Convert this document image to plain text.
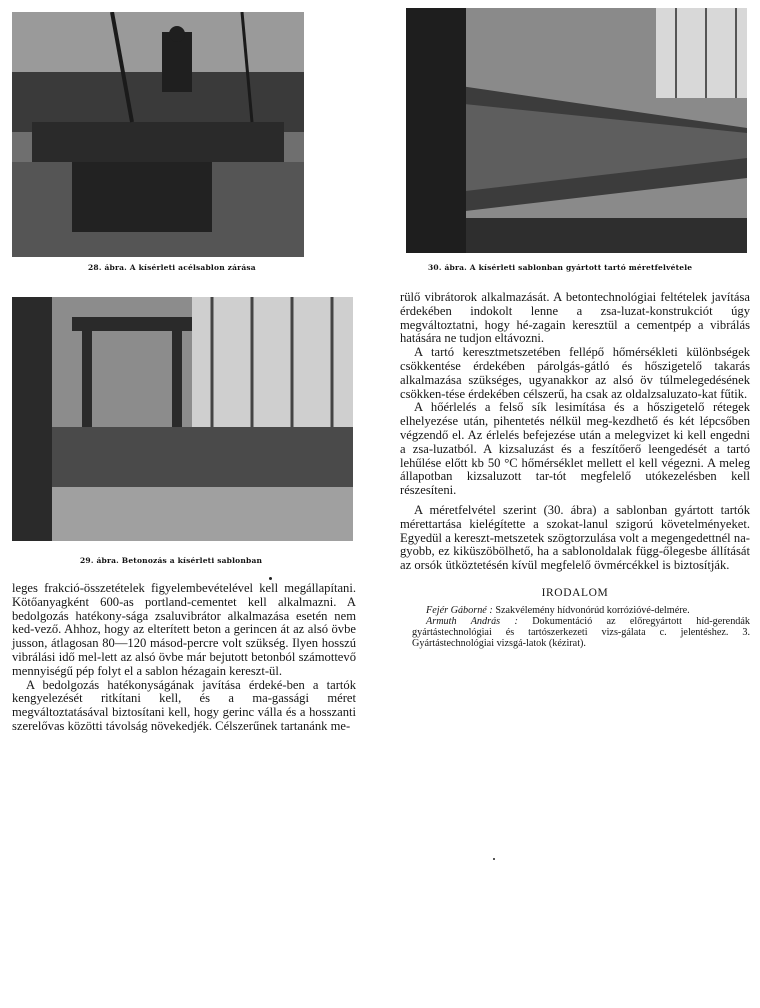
28. ábra. A kísérleti acélsablon zárása	30. ábra. A kísérleti sablonban gyártott tartó méretfelvétele
29. ábra. Betonozás a kísérleti sablonban

leges frakció-összetételek figyelembevételével kell megállapítani. Kötőanyagként 600-as portland-cementet kell alkalmazni. A bedolgozás hatékony-sága zsaluvibrátor alkalmazása esetén nem ked-vező. Ahhoz, hogy az elterített beton a gerincen át az alsó övbe jusson, átlagosan 80—120 másod-percre volt szükség. Ilyen hosszú vibrálási idő mel-lett az alsó övbe már bejutott betonból számottevő mennyiségű pép folyt el a sablon hézagain kereszt-ül.

A bedolgozás hatékonyságának javítása érdeké-ben a tartók kengyelezését ritkítani kell, és a ma-gassági méret megváltoztatásával biztosítani kell, hogy gerinc válla és a hosszanti szerelővas közötti távolság növekedjék. Célszerűnek tartanánk me-

rülő vibrátorok alkalmazását. A betontechnológiai feltételek javítása érdekében indokolt lenne a zsa-luzat-konstrukciót úgy megváltoztatni, hogy hé-zagain keresztül a cementpép a vibrálás hatására ne tudjon eltávozni.

A tartó keresztmetszetében fellépő hőmérsékleti különbségek csökkentése érdekében párolgás-gátló és hőszigetelő takarás alkalmazása szükséges, ugyanakkor az alsó öv túlmelegedésének csökken-tése érdekében célszerű, ha csak az oldalzsaluzato-kat fűtik.

A hőérlelés a felső sík lesimítása és a hőszigetelő rétegek elhelyezése után, pihentetés nélkül meg-kezdhető és két lépcsőben végzendő el. Az érlelés befejezése után a melegvizet ki kell engedni a zsa-luzatból. A kizsaluzást és a feszítőerő leengedését a tartó lehűlése előtt kb 50 °C hőmérséklet mellett el kell végezni. A meleg állapotban kizsaluzott tar-tót megfelelő utókezelésben kell részesíteni.

A méretfelvétel szerint (30. ábra) a sablonban gyártott tartók mérettartása kielégítette a szokat-lanul szigorú követelményeket. Egyedül a kereszt-metszetek szögtorzulása volt a megengedettnél na-gyobb, ez kiküszöbölhető, ha a sablonoldalak függ-őlegesbe állítását az orsók ütköztetésén kívül megfelelő övmércékkel is biztosítják.

IRODALOM

Fejér Gáborné : Szakvélemény hídvonórúd korrózióvé-delmére.

Armuth András : Dokumentáció az előregyártott híd-gerendák gyártástechnológiai és tartószerkezeti vizs-gálata c. jelentéshez. 3. Gyártástechnológiai vizsgá-latok (kézirat).
